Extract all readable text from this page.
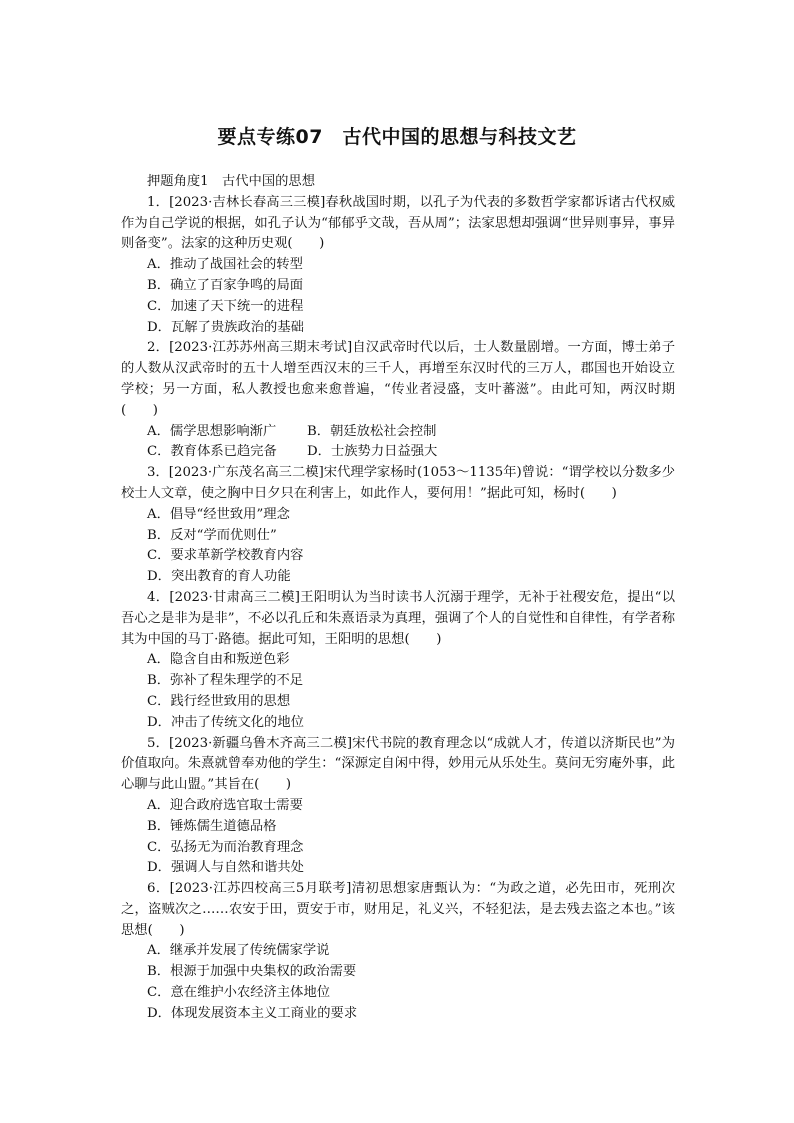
要点专练07　古代中国的思想与科技文艺
押题角度1　古代中国的思想
1．[2023·吉林长春高三三模]春秋战国时期，以孔子为代表的多数哲学家都诉诸古代权威作为自己学说的根据，如孔子认为“郁郁乎文哉，吾从周”；法家思想却强调“世异则事异，事异则备变”。法家的这种历史观(　　)
A．推动了战国社会的转型
B．确立了百家争鸣的局面
C．加速了天下统一的进程
D．瓦解了贵族政治的基础
2．[2023·江苏苏州高三期末考试]自汉武帝时代以后，士人数量剧增。一方面，博士弟子的人数从汉武帝时的五十人增至西汉末的三千人，再增至东汉时代的三万人，郡国也开始设立学校；另一方面，私人教授也愈来愈普遍，“传业者浸盛，支叶蕃滋”。由此可知，两汉时期(　　)
A．儒学思想影响渐广	B．朝廷放松社会控制
C．教育体系已趋完备	D．士族势力日益强大
3．[2023·广东茂名高三二模]宋代理学家杨时(1053～1135年)曾说：“谓学校以分数多少校士人文章，使之胸中日夕只在利害上，如此作人，要何用！”据此可知，杨时(　　)
A．倡导“经世致用”理念
B．反对“学而优则仕”
C．要求革新学校教育内容
D．突出教育的育人功能
4．[2023·甘肃高三二模]王阳明认为当时读书人沉溺于理学，无补于社稷安危，提出“以吾心之是非为是非”，不必以孔丘和朱熹语录为真理，强调了个人的自觉性和自律性，有学者称其为中国的马丁·路德。据此可知，王阳明的思想(　　)
A．隐含自由和叛逆色彩
B．弥补了程朱理学的不足
C．践行经世致用的思想
D．冲击了传统文化的地位
5．[2023·新疆乌鲁木齐高三二模]宋代书院的教育理念以“成就人才，传道以济斯民也”为价值取向。朱熹就曾奉劝他的学生：“深源定自闲中得，妙用元从乐处生。莫问无穷庵外事，此心聊与此山盟。”其旨在(　　)
A．迎合政府选官取士需要
B．锤炼儒生道德品格
C．弘扬无为而治教育理念
D．强调人与自然和谐共处
6．[2023·江苏四校高三5月联考]清初思想家唐甄认为：“为政之道，必先田市，死刑次之，盗贼次之……农安于田，贾安于市，财用足，礼义兴，不轻犯法，是去残去盗之本也。”该思想(　　)
A．继承并发展了传统儒家学说
B．根源于加强中央集权的政治需要
C．意在维护小农经济主体地位
D．体现发展资本主义工商业的要求
